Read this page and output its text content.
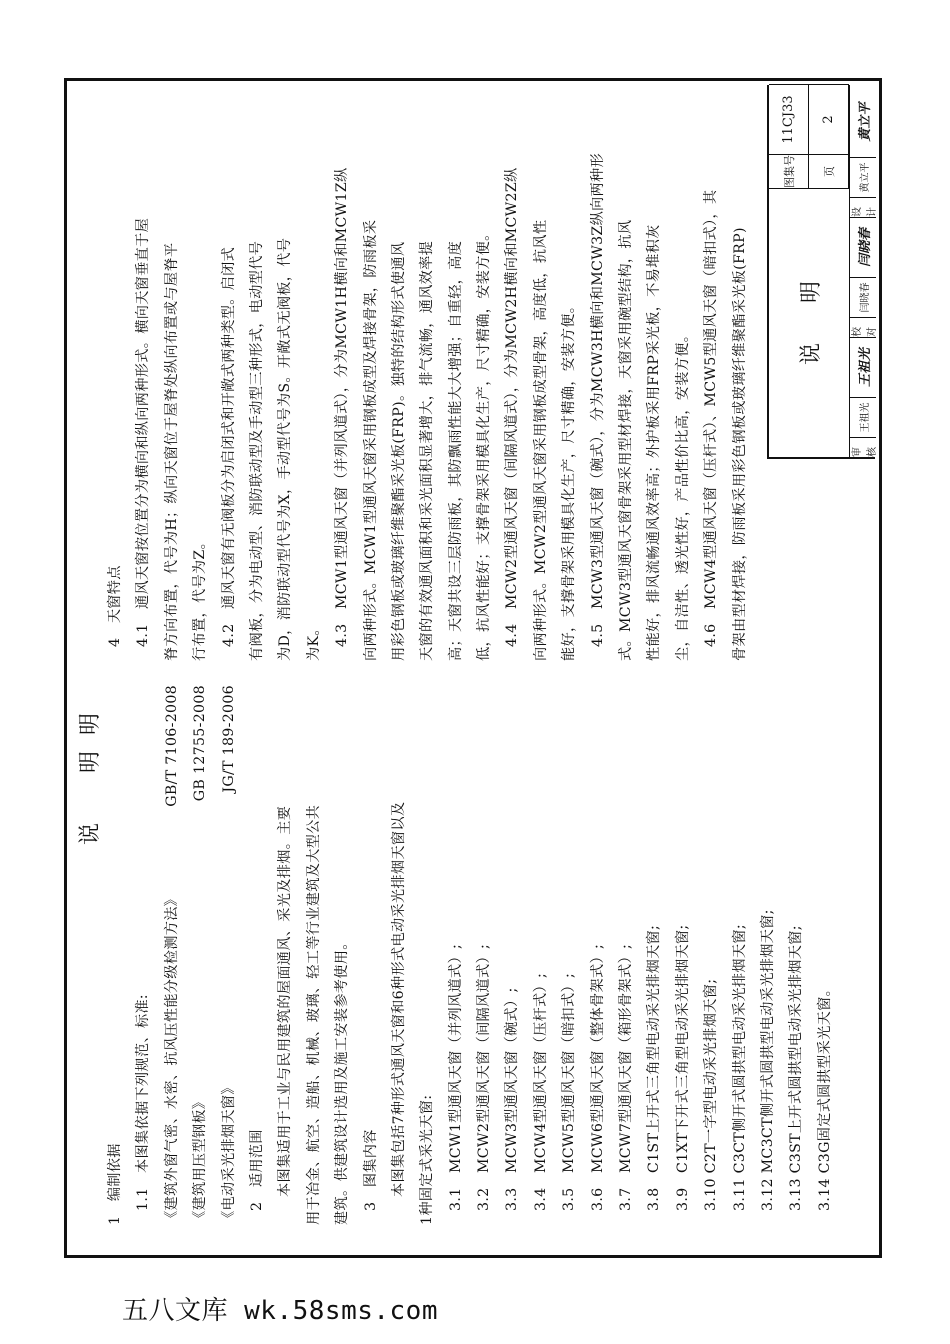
说　　明
明
1　编制依据 1.1　本图集依据下列规范、标准: 《建筑外窗气密、水密、抗风压性能分级检测方法》
GB/T 7106-2008
《建筑用压型钢板》
GB 12755-2008
《电动采光排烟天窗》
JG/T 189-2006
2　适用范围 本图集适用于工业与民用建筑的屋面通风、采光及排烟。主要 用于冶金、航空、造船、机械、玻璃、轻工等行业建筑及大型公共 建筑。供建筑设计选用及施工安装参考使用。 3　图集内容 本图集包括7种形式通风天窗和6种形式电动采光排烟天窗以及 1种固定式采光天窗: 3.1　MCW1型通风天窗（并列风道式）; 3.2　MCW2型通风天窗（间隔风道式）; 3.3　MCW3型通风天窗（碗式）; 3.4　MCW4型通风天窗（压杆式）; 3.5　MCW5型通风天窗（暗扣式）; 3.6　MCW6型通风天窗（整体骨架式）; 3.7　MCW7型通风天窗（箱形骨架式）; 3.8　C1ST上开式三角型电动采光排烟天窗; 3.9　C1XT下开式三角型电动采光排烟天窗; 3.10 C2T一字型电动采光排烟天窗; 3.11 C3CT侧开式圆拱型电动采光排烟天窗; 3.12 MC3CT侧开式圆拱型电动采光排烟天窗; 3.13 C3ST上开式圆拱型电动采光排烟天窗; 3.14 C3G固定式圆拱型采光天窗。
4　天窗特点 4.1　通风天窗按位置分为横向和纵向两种形式。横向天窗垂直于屋 脊方向布置，代号为H；纵向天窗位于屋脊处纵向布置或与屋脊平 行布置，代号为Z。 4.2　通风天窗有无阀板分为启闭式和开敞式两种类型。启闭式 有阀板，分为电动型、消防联动型及手动型三种形式，电动型代号 为D，消防联动型代号为X，手动型代号为S。开敞式无阀板，代号 为K。 4.3　MCW1型通风天窗（并列风道式），分为MCW1H横向和MCW1Z纵 向两种形式。MCW1型通风天窗采用钢板成型及焊接骨架，防雨板采 用彩色钢板或玻璃纤维聚酯采光板(FRP)。独特的结构形式使通风 天窗的有效通风面积和采光面积显著增大，排气流畅，通风效率提 高；天窗共设三层防雨板，其防飘雨性能大大增强；自重轻，高度 低，抗风性能好；支撑骨架采用模具化生产，尺寸精确，安装方便。 4.4　MCW2型通风天窗（间隔风道式），分为MCW2H横向和MCW2Z纵 向两种形式。MCW2型通风天窗采用钢板成型骨架，高度低，抗风性 能好，支撑骨架采用模具化生产，尺寸精确，安装方便。 4.5　MCW3型通风天窗（碗式），分为MCW3H横向和MCW3Z纵向两种形 式。MCW3型通风天窗骨架采用型材焊接，天窗采用碗型结构，抗风 性能好，排风流畅通风效率高；外护板采用FRP采光板，不易堆积灰 尘，自洁性、透光性好，产品性价比高，安装方便。 4.6　MCW4型通风天窗（压杆式）、MCW5型通风天窗（暗扣式），其 骨架由型材焊接，防雨板采用彩色钢板或玻璃纤维聚酯采光板(FRP)	说明
图集号
11CJ33
页
2
审核
王祖光
王祖光
校对
闫晓春
闫晓春
设计
黄立平
黄立平
五八文库 wk.58sms.com
